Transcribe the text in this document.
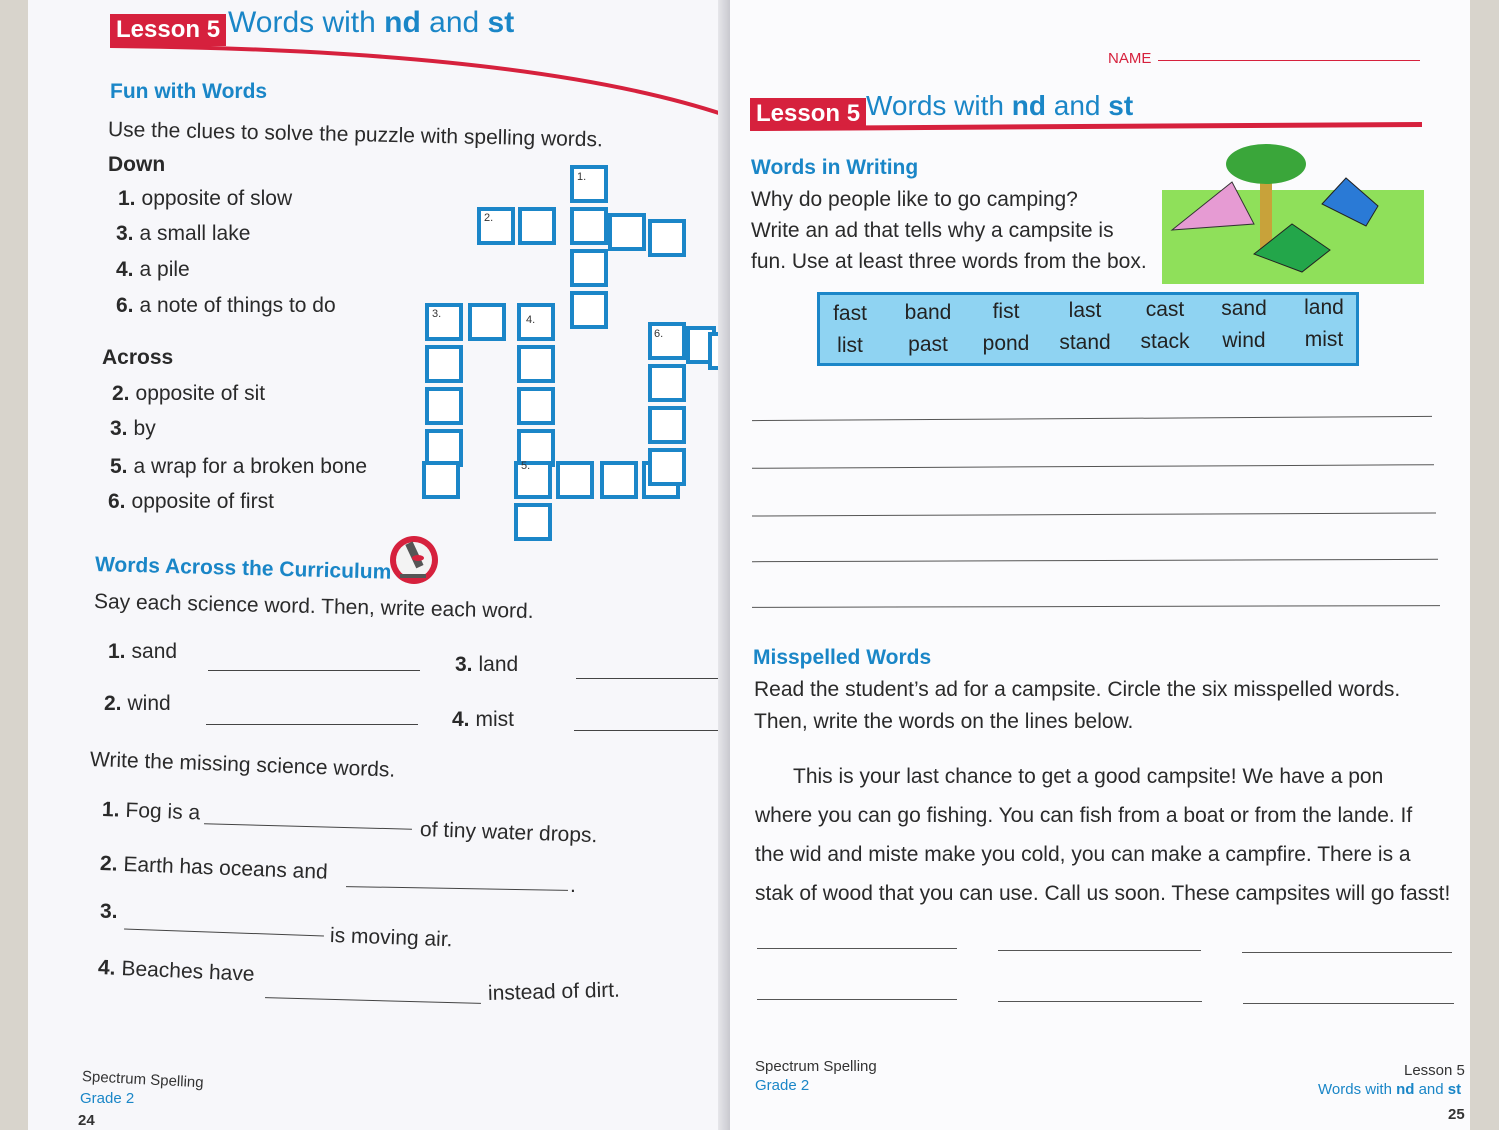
Lesson 5 Words with nd and st
Fun with Words
Use the clues to solve the puzzle with spelling words.
Down
1. opposite of slow
3. a small lake
4. a pile
6. a note of things to do
Across
2. opposite of sit
3. by
5. a wrap for a broken bone
6. opposite of first
1.
2.
3.	4.
5.
6.
Words Across the Curriculum
Say each science word. Then, write each word.
1. sand
2. wind
3. land
4. mist
Write the missing science words.
1. Fog is a
of tiny water drops.
2. Earth has oceans and
.
3.
is moving air.
4. Beaches have
instead of dirt.
Spectrum Spelling
Grade 2
24
NAME
Lesson 5 Words with nd and st
Words in Writing
Why do people like to go camping?
Write an ad that tells why a campsite is
fun. Use at least three words from the box.
fast	band	fist	last	cast	sand	land
list	past	pond	stand	stack	wind	mist
Misspelled Words
Read the student’s ad for a campsite. Circle the six misspelled words.
Then, write the words on the lines below.
This is your last chance to get a good campsite! We have a pon
where you can go fishing. You can fish from a boat or from the lande. If
the wid and miste make you cold, you can make a campfire. There is a
stak of wood that you can use. Call us soon. These campsites will go fasst!
Spectrum Spelling
Grade 2
Lesson 5
Words with nd and st
25
